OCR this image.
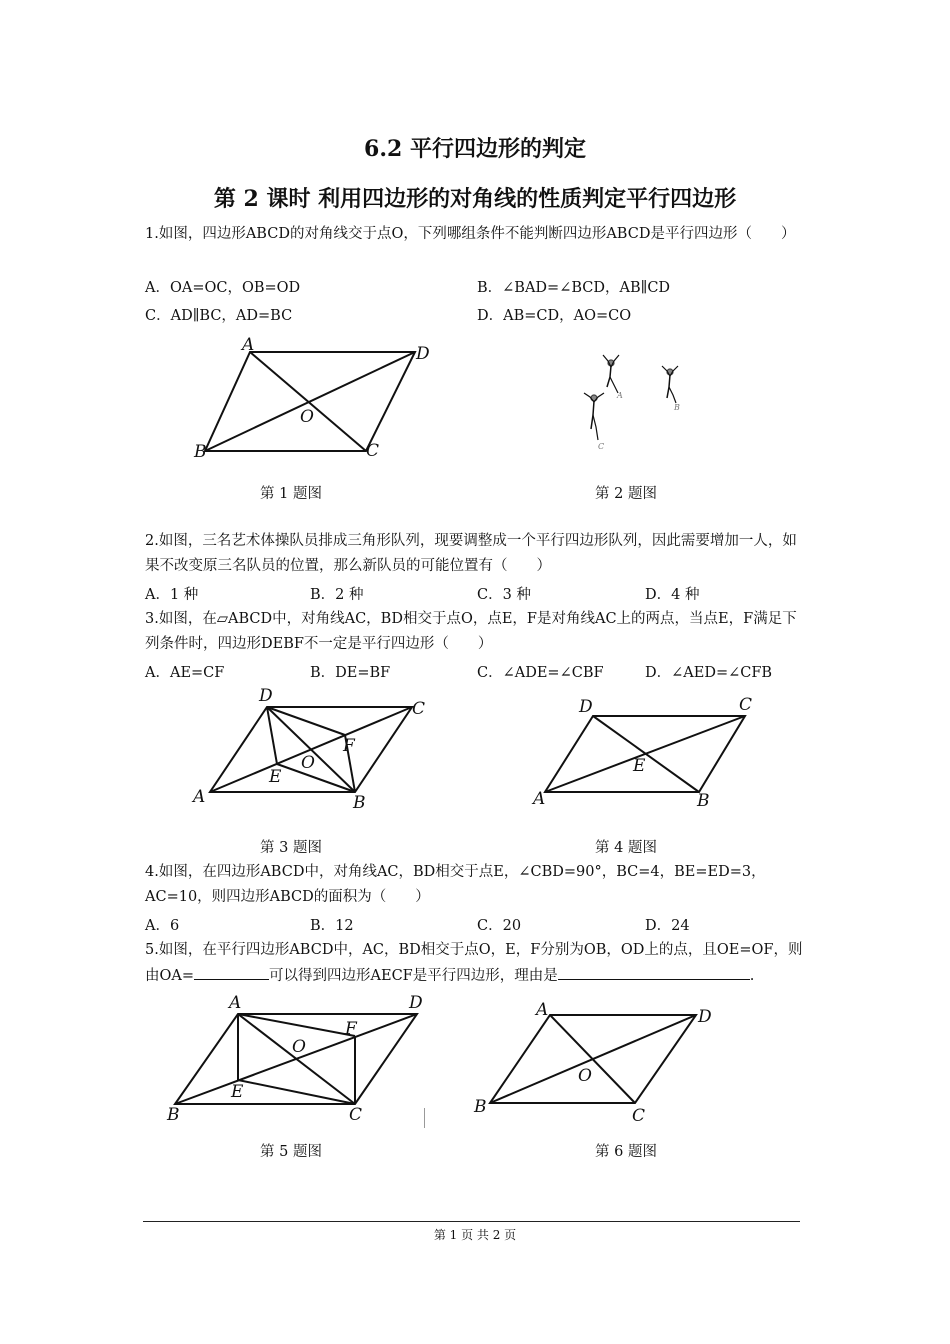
6.2 平行四边形的判定
第 2 课时 利用四边形的对角线的性质判定平行四边形
1.如图，四边形ABCD的对角线交于点O，下列哪组条件不能判断四边形ABCD是平行四边形（　　）
A．OA=OC，OB=OD	B．∠BAD=∠BCD，AB∥CD
C．AD∥BC，AD=BC	D．AB=CD，AO=CO
A	D
O
B	C
第 1 题图
A
B
C
第 2 题图
2.如图，三名艺术体操队员排成三角形队列，现要调整成一个平行四边形队列，因此需要增加一人，如果不改变原三名队员的位置，那么新队员的可能位置有（　　）
A．1 种	B．2 种	C．3 种	D．4 种
3.如图，在▱ABCD中，对角线AC，BD相交于点O，点E，F是对角线AC上的两点，当点E，F满足下列条件时，四边形DEBF不一定是平行四边形（　　）
A．AE=CF	B．DE=BF	C．∠ADE=∠CBF	D．∠AED=∠CFB
D
C
F
O
E
A	B
第 3 题图
D	C
E
A	B
第 4 题图
4.如图，在四边形ABCD中，对角线AC，BD相交于点E，∠CBD=90°，BC=4，BE=ED=3，AC=10，则四边形ABCD的面积为（　　）
A．6	B．12	C．20	D．24
5.如图，在平行四边形ABCD中，AC，BD相交于点O，E，F分别为OB，OD上的点，且OE=OF，则由OA=	可以得到四边形AECF是平行四边形，理由是	.
A	D
F
O
E
B	C
第 5 题图
A	D
O
B	C
第 6 题图
第 1 页 共 2 页
